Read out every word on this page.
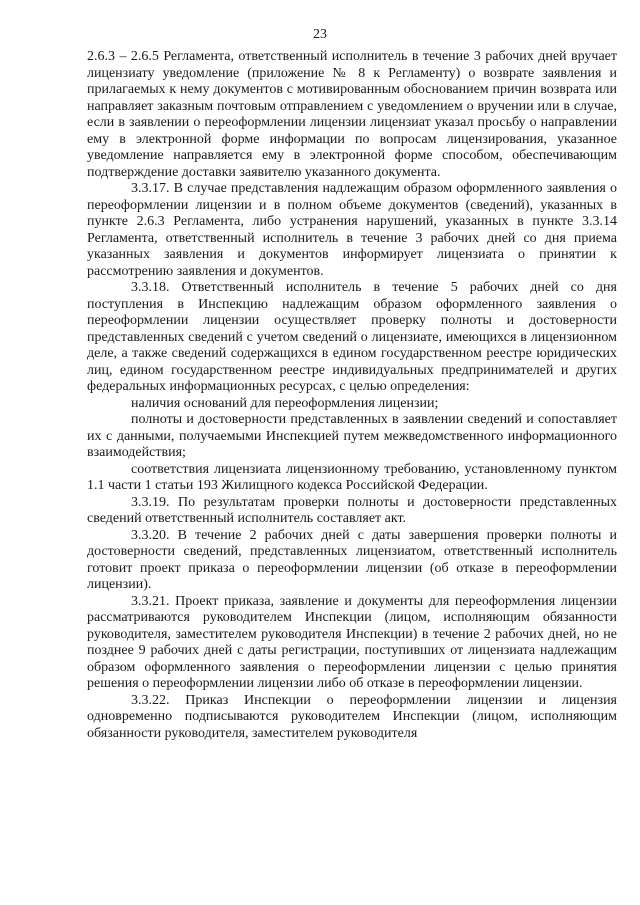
23

2.6.3 – 2.6.5 Регламента, ответственный исполнитель в течение 3 рабочих дней вручает лицензиату уведомление (приложение № 8 к Регламенту) о возврате заявления и прилагаемых к нему документов с мотивированным обоснованием причин возврата или направляет заказным почтовым отправлением с уведомлением о вручении или в случае, если в заявлении о переоформлении лицензии лицензиат указал просьбу о направлении ему в электронной форме информации по вопросам лицензирования, указанное уведомление направляется ему в электронной форме способом, обеспечивающим подтверждение доставки заявителю указанного документа.

3.3.17. В случае представления надлежащим образом оформленного заявления о переоформлении лицензии и в полном объеме документов (сведений), указанных в пункте 2.6.3 Регламента, либо устранения нарушений, указанных в пункте 3.3.14 Регламента, ответственный исполнитель в течение 3 рабочих дней со дня приема указанных заявления и документов информирует лицензиата о принятии к рассмотрению заявления и документов.

3.3.18. Ответственный исполнитель в течение 5 рабочих дней со дня поступления в Инспекцию надлежащим образом оформленного заявления о переоформлении лицензии осуществляет проверку полноты и достоверности представленных сведений с учетом сведений о лицензиате, имеющихся в лицензионном деле, а также сведений содержащихся в едином государственном реестре юридических лиц, едином государственном реестре индивидуальных предпринимателей и других федеральных информационных ресурсах, с целью определения:

наличия оснований для переоформления лицензии;

полноты и достоверности представленных в заявлении сведений и сопоставляет их с данными, получаемыми Инспекцией путем межведомственного информационного взаимодействия;

соответствия лицензиата лицензионному требованию, установленному пунктом 1.1 части 1 статьи 193 Жилищного кодекса Российской Федерации.

3.3.19. По результатам проверки полноты и достоверности представленных сведений ответственный исполнитель составляет акт.

3.3.20. В течение 2 рабочих дней с даты завершения проверки полноты и достоверности сведений, представленных лицензиатом, ответственный исполнитель готовит проект приказа о переоформлении лицензии (об отказе в переоформлении лицензии).

3.3.21. Проект приказа, заявление и документы для переоформления лицензии рассматриваются руководителем Инспекции (лицом, исполняющим обязанности руководителя, заместителем руководителя Инспекции) в течение 2 рабочих дней, но не позднее 9 рабочих дней с даты регистрации, поступивших от лицензиата надлежащим образом оформленного заявления о переоформлении лицензии с целью принятия решения о переоформлении лицензии либо об отказе в переоформлении лицензии.

3.3.22. Приказ Инспекции о переоформлении лицензии и лицензия одновременно подписываются руководителем Инспекции (лицом, исполняющим обязанности руководителя, заместителем руководителя
